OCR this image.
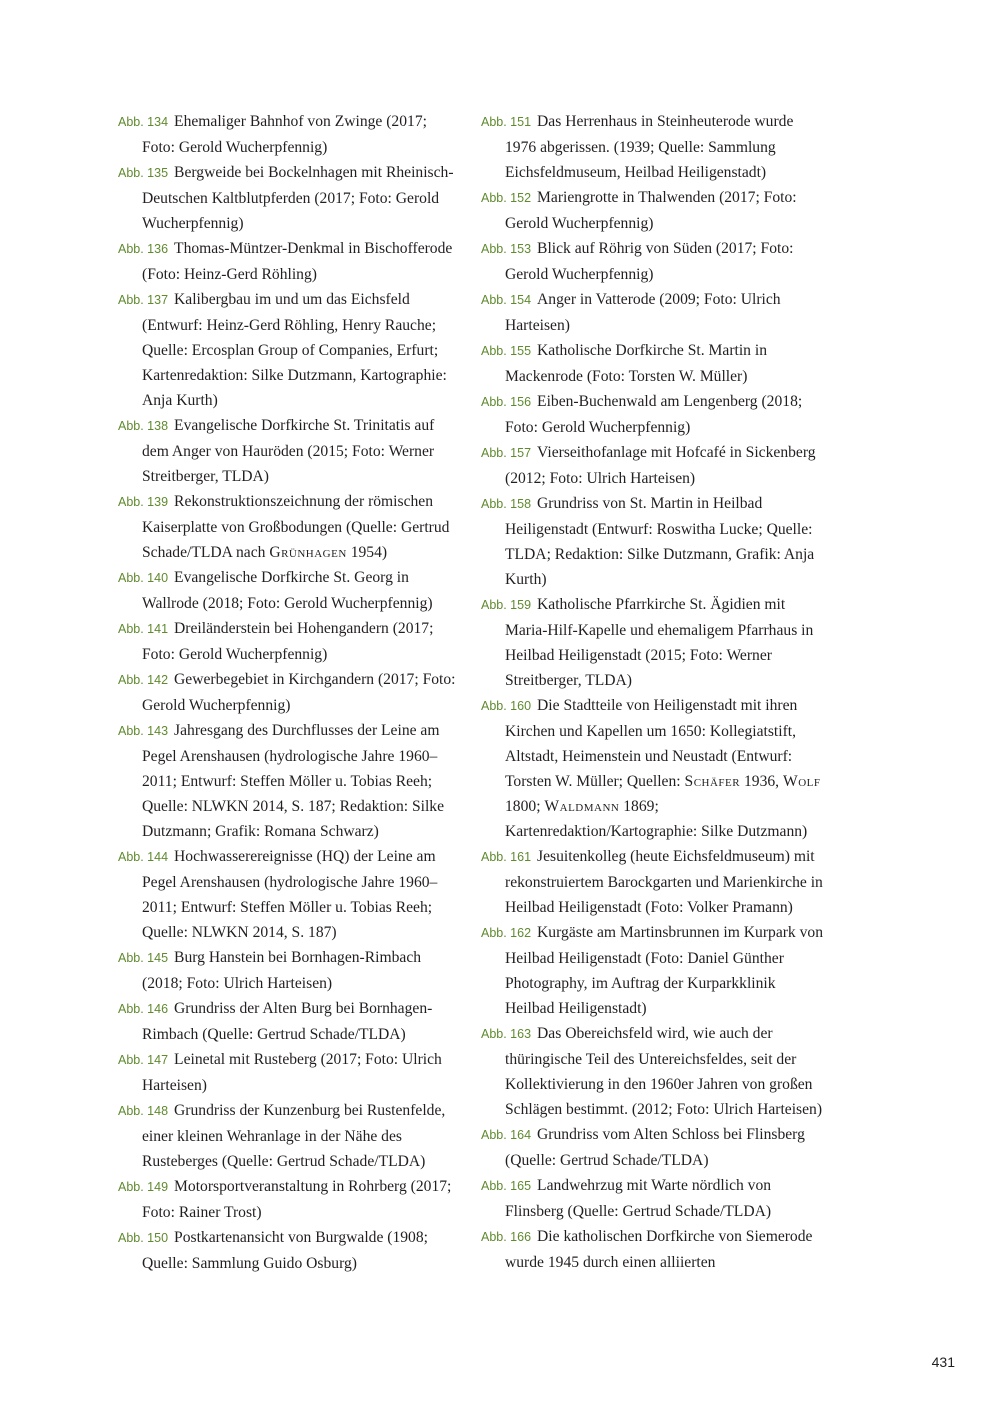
Abb. 134 Ehemaliger Bahnhof von Zwinge (2017; Foto: Gerold Wucherpfennig)
Abb. 135 Bergweide bei Bockelnhagen mit Rheinisch-Deutschen Kaltblutpferden (2017; Foto: Gerold Wucherpfennig)
Abb. 136 Thomas-Müntzer-Denkmal in Bischofferode (Foto: Heinz-Gerd Röhling)
Abb. 137 Kalibergbau im und um das Eichsfeld (Entwurf: Heinz-Gerd Röhling, Henry Rauche; Quelle: Ercosplan Group of Companies, Erfurt; Kartenredaktion: Silke Dutzmann, Kartographie: Anja Kurth)
Abb. 138 Evangelische Dorfkirche St. Trinitatis auf dem Anger von Hauröden (2015; Foto: Werner Streitberger, TLDA)
Abb. 139 Rekonstruktionszeichnung der römischen Kaiserplatte von Großbodungen (Quelle: Gertrud Schade/TLDA nach Grünhagen 1954)
Abb. 140 Evangelische Dorfkirche St. Georg in Wallrode (2018; Foto: Gerold Wucherpfennig)
Abb. 141 Dreiländerstein bei Hohengandern (2017; Foto: Gerold Wucherpfennig)
Abb. 142 Gewerbegebiet in Kirchgandern (2017; Foto: Gerold Wucherpfennig)
Abb. 143 Jahresgang des Durchflusses der Leine am Pegel Arenshausen (hydrologische Jahre 1960–2011; Entwurf: Steffen Möller u. Tobias Reeh; Quelle: NLWKN 2014, S. 187; Redaktion: Silke Dutzmann; Grafik: Romana Schwarz)
Abb. 144 Hochwasserereignisse (HQ) der Leine am Pegel Arenshausen (hydrologische Jahre 1960–2011; Entwurf: Steffen Möller u. Tobias Reeh; Quelle: NLWKN 2014, S. 187)
Abb. 145 Burg Hanstein bei Bornhagen-Rimbach (2018; Foto: Ulrich Harteisen)
Abb. 146 Grundriss der Alten Burg bei Bornhagen-Rimbach (Quelle: Gertrud Schade/TLDA)
Abb. 147 Leinetal mit Rusteberg (2017; Foto: Ulrich Harteisen)
Abb. 148 Grundriss der Kunzenburg bei Rustenfelde, einer kleinen Wehranlage in der Nähe des Rusteberges (Quelle: Gertrud Schade/TLDA)
Abb. 149 Motorsportveranstaltung in Rohrberg (2017; Foto: Rainer Trost)
Abb. 150 Postkartenansicht von Burgwalde (1908; Quelle: Sammlung Guido Osburg)
Abb. 151 Das Herrenhaus in Steinheuterode wurde 1976 abgerissen. (1939; Quelle: Sammlung Eichsfeldmuseum, Heilbad Heiligenstadt)
Abb. 152 Mariengrotte in Thalwenden (2017; Foto: Gerold Wucherpfennig)
Abb. 153 Blick auf Röhrig von Süden (2017; Foto: Gerold Wucherpfennig)
Abb. 154 Anger in Vatterode (2009; Foto: Ulrich Harteisen)
Abb. 155 Katholische Dorfkirche St. Martin in Mackenrode (Foto: Torsten W. Müller)
Abb. 156 Eiben-Buchenwald am Lengenberg (2018; Foto: Gerold Wucherpfennig)
Abb. 157 Vierseithofanlage mit Hofcafé in Sickenberg (2012; Foto: Ulrich Harteisen)
Abb. 158 Grundriss von St. Martin in Heilbad Heiligenstadt (Entwurf: Roswitha Lucke; Quelle: TLDA; Redaktion: Silke Dutzmann, Grafik: Anja Kurth)
Abb. 159 Katholische Pfarrkirche St. Ägidien mit Maria-Hilf-Kapelle und ehemaligem Pfarrhaus in Heilbad Heiligenstadt (2015; Foto: Werner Streitberger, TLDA)
Abb. 160 Die Stadtteile von Heiligenstadt mit ihren Kirchen und Kapellen um 1650: Kollegiatstift, Altstadt, Heimenstein und Neustadt (Entwurf: Torsten W. Müller; Quellen: Schäfer 1936, Wolf 1800; Waldmann 1869; Kartenredaktion/Kartographie: Silke Dutzmann)
Abb. 161 Jesuitenkolleg (heute Eichsfeldmuseum) mit rekonstruiertem Barockgarten und Marienkirche in Heilbad Heiligenstadt (Foto: Volker Pramann)
Abb. 162 Kurgäste am Martinsbrunnen im Kurpark von Heilbad Heiligenstadt (Foto: Daniel Günther Photography, im Auftrag der Kurparkklinik Heilbad Heiligenstadt)
Abb. 163 Das Obereichsfeld wird, wie auch der thüringische Teil des Untereichsfeldes, seit der Kollektivierung in den 1960er Jahren von großen Schlägen bestimmt. (2012; Foto: Ulrich Harteisen)
Abb. 164 Grundriss vom Alten Schloss bei Flinsberg (Quelle: Gertrud Schade/TLDA)
Abb. 165 Landwehrzug mit Warte nördlich von Flinsberg (Quelle: Gertrud Schade/TLDA)
Abb. 166 Die katholischen Dorfkirche von Siemerode wurde 1945 durch einen alliierten
431
